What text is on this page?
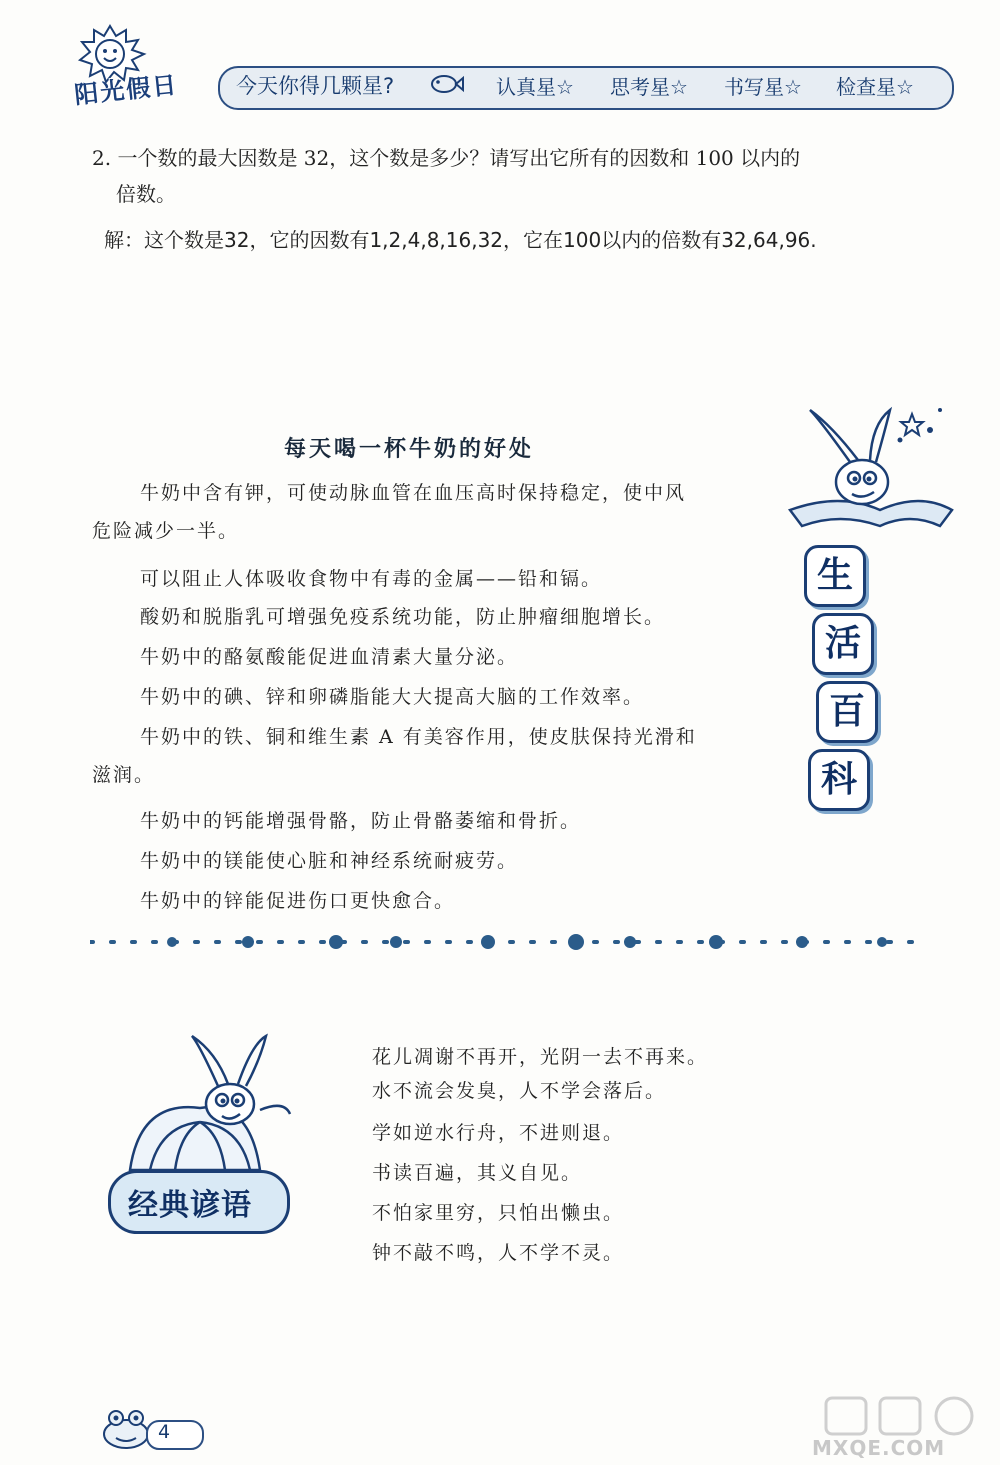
阳光假日	今天你得几颗星?	认真星☆ 思考星☆ 书写星☆ 检查星☆
2. 一个数的最大因数是 32，这个数是多少？请写出它所有的因数和 100 以内的
倍数。
解：这个数是32，它的因数有1,2,4,8,16,32，它在100以内的倍数有32,64,96.
每天喝一杯牛奶的好处
牛奶中含有钾，可使动脉血管在血压高时保持稳定，使中风
危险减少一半。
可以阻止人体吸收食物中有毒的金属——铅和镉。
酸奶和脱脂乳可增强免疫系统功能，防止肿瘤细胞增长。
牛奶中的酪氨酸能促进血清素大量分泌。
牛奶中的碘、锌和卵磷脂能大大提高大脑的工作效率。
牛奶中的铁、铜和维生素 A 有美容作用，使皮肤保持光滑和
滋润。
牛奶中的钙能增强骨骼，防止骨骼萎缩和骨折。
牛奶中的镁能使心脏和神经系统耐疲劳。
牛奶中的锌能促进伤口更快愈合。
生
活
百
科
经典谚语
花儿凋谢不再开，光阴一去不再来。
水不流会发臭，人不学会落后。
学如逆水行舟，不进则退。
书读百遍，其义自见。
不怕家里穷，只怕出懒虫。
钟不敲不鸣，人不学不灵。
4
MXQE.COM
